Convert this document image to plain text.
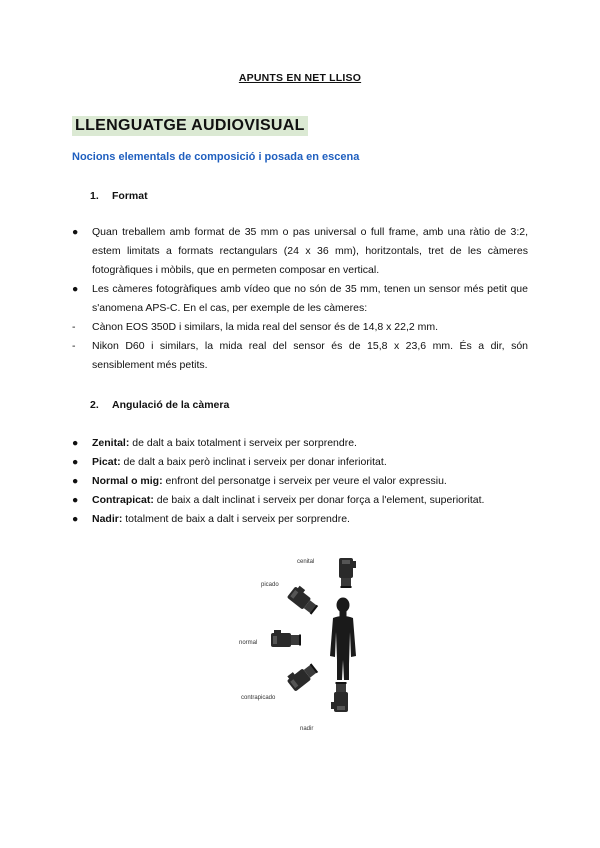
APUNTS EN NET LLISO
LLENGUATGE AUDIOVISUAL
Nocions elementals de composició i posada en escena
1. Format
●	Quan treballem amb format de 35 mm o pas universal o full frame, amb una ràtio de 3:2, estem limitats a formats rectangulars (24 x 36 mm), horitzontals, tret de les càmeres fotogràfiques i mòbils, que en permeten composar en vertical.
●	Les càmeres fotogràfiques amb vídeo que no són de 35 mm, tenen un sensor més petit que s'anomena APS-C. En el cas, per exemple de les càmeres:
-	Cànon EOS 350D i similars, la mida real del sensor és de 14,8 x 22,2 mm.
-	Nikon D60 i similars, la mida real del sensor és de 15,8 x 23,6 mm. És a dir, són sensiblement més petits.
2. Angulació de la càmera
●	Zenital: de dalt a baix totalment i serveix per sorprendre.
●	Picat: de dalt a baix però inclinat i serveix per donar inferioritat.
●	Normal o mig: enfront del personatge i serveix per veure el valor expressiu.
●	Contrapicat: de baix a dalt inclinat i serveix per donar força a l'element, superioritat.
●	Nadir: totalment de baix a dalt i serveix per sorprendre.
cenital
picado
normal
contrapicado
nadir
